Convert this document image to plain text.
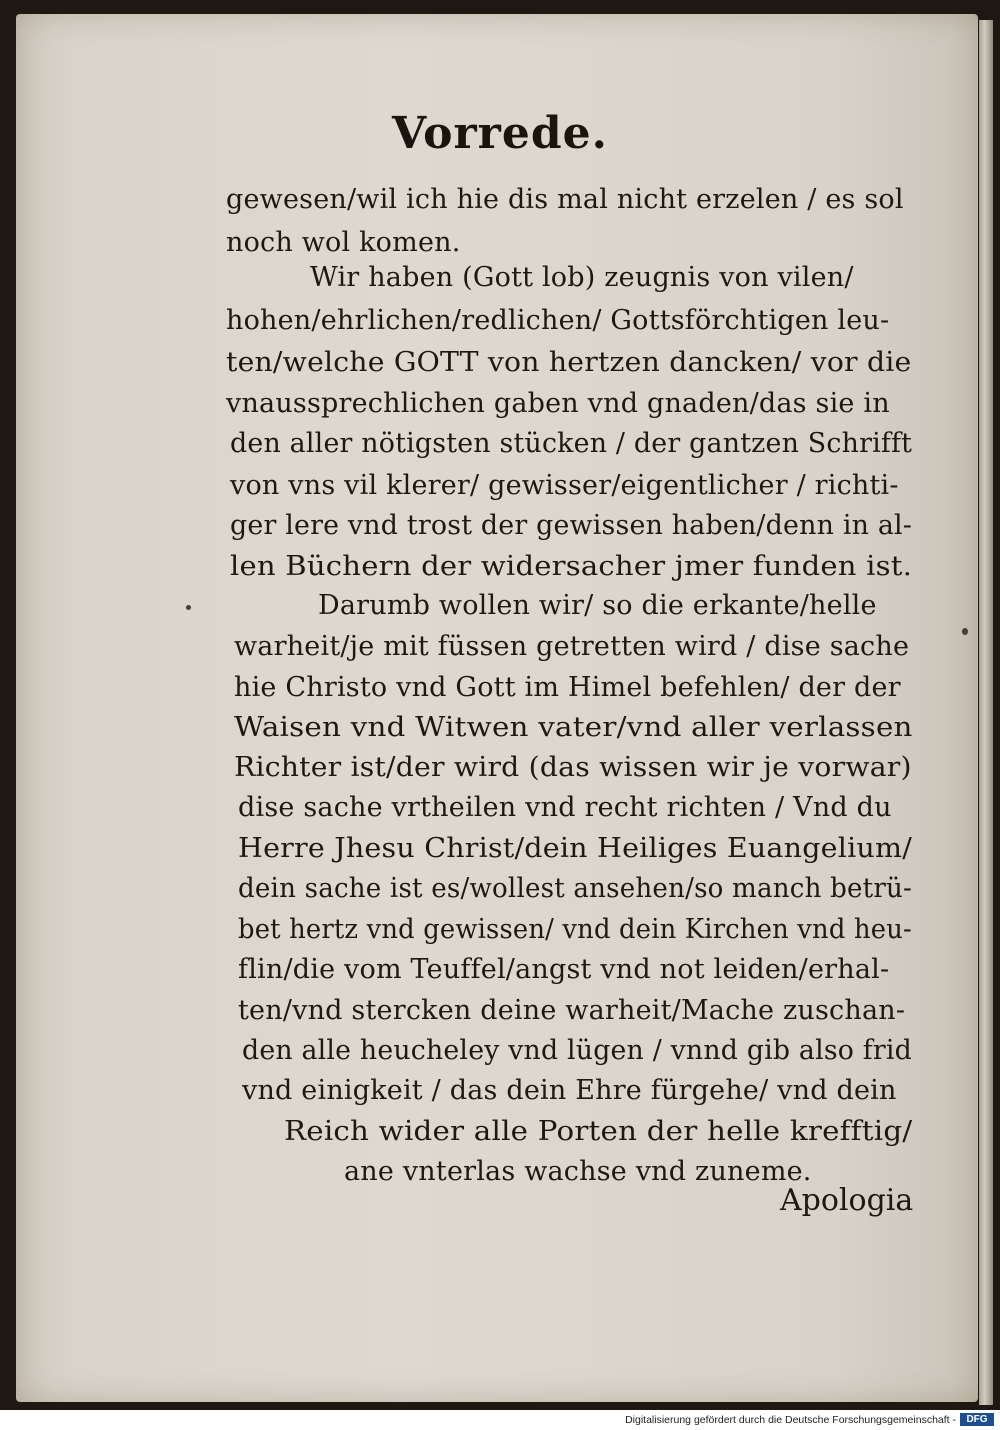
Vorrede.
gewesen/wil ich hie dis mal nicht erzelen / es sol
noch wol komen.
Wir haben (Gott lob) zeugnis von vilen/
hohen/ehrlichen/redlichen/ Gottsförchtigen leu-
ten/welche GOTT von hertzen dancken/ vor die
vnaussprechlichen gaben vnd gnaden/das sie in
den aller nötigsten stücken / der gantzen Schrifft
von vns vil klerer/ gewisser/eigentlicher / richti-
ger lere vnd trost der gewissen haben/denn in al-
len Büchern der widersacher jmer funden ist.
Darumb wollen wir/ so die erkante/helle
warheit/je mit füssen getretten wird / dise sache
hie Christo vnd Gott im Himel befehlen/ der der
Waisen vnd Witwen vater/vnd aller verlassen
Richter ist/der wird (das wissen wir je vorwar)
dise sache vrtheilen vnd recht richten / Vnd du
Herre Jhesu Christ/dein Heiliges Euangelium/
dein sache ist es/wollest ansehen/so manch betrü-
bet hertz vnd gewissen/ vnd dein Kirchen vnd heu-
flin/die vom Teuffel/angst vnd not leiden/erhal-
ten/vnd stercken deine warheit/Mache zuschan-
den alle heucheley vnd lügen / vnnd gib also frid
vnd einigkeit / das dein Ehre fürgehe/ vnd dein
Reich wider alle Porten der helle krefftig/
ane vnterlas wachse vnd zuneme.
Apologia
Digitalisierung gefördert durch die Deutsche Forschungsgemeinschaft -	DFG
